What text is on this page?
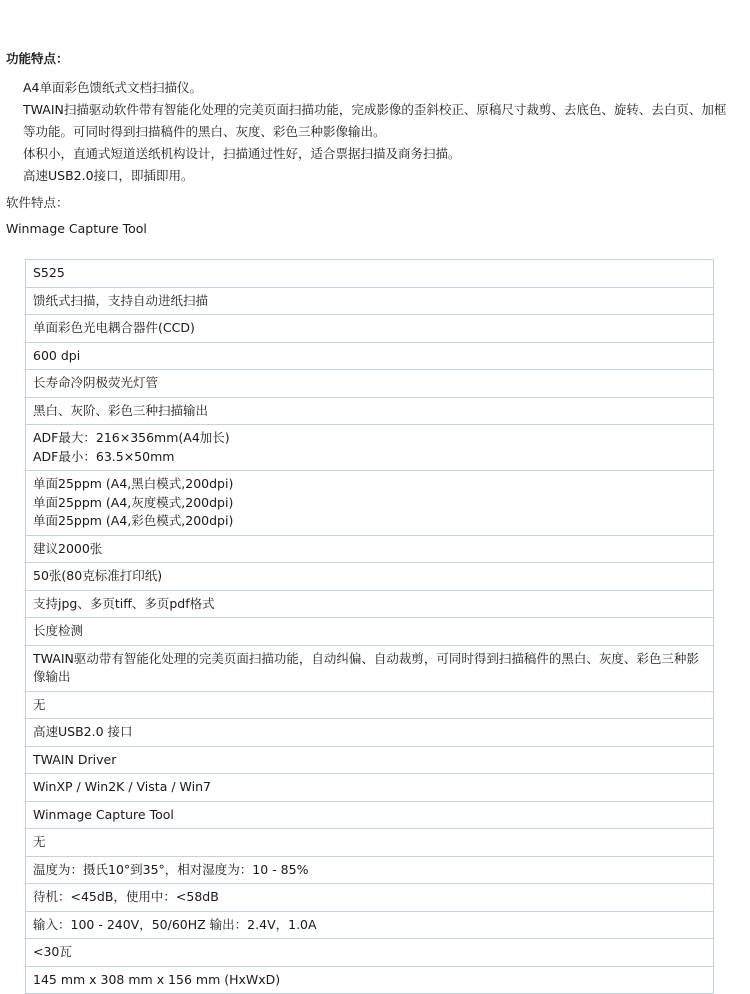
功能特点：
A4单面彩色馈纸式文档扫描仪。
TWAIN扫描驱动软件带有智能化处理的完美页面扫描功能，完成影像的歪斜校正、原稿尺寸裁剪、去底色、旋转、去白页、加框等功能。可同时得到扫描稿件的黑白、灰度、彩色三种影像输出。
体积小，直通式短道送纸机构设计，扫描通过性好，适合票据扫描及商务扫描。
高速USB2.0接口，即插即用。
软件特点：
Winmage Capture Tool
S525

馈纸式扫描，支持自动进纸扫描

单面彩色光电耦合器件(CCD)

600 dpi

长寿命冷阴极荧光灯管

黑白、灰阶、彩色三种扫描输出

ADF最大：216×356mm(A4加长)
ADF最小：63.5×50mm

单面25ppm (A4,黑白模式,200dpi)
单面25ppm (A4,灰度模式,200dpi)
单面25ppm (A4,彩色模式,200dpi)

建议2000张

50张(80克标准打印纸)

支持jpg、多页tiff、多页pdf格式

长度检测

TWAIN驱动带有智能化处理的完美页面扫描功能，自动纠偏、自动裁剪，可同时得到扫描稿件的黑白、灰度、彩色三种影像输出

无

高速USB2.0 接口

TWAIN Driver

WinXP / Win2K / Vista / Win7

Winmage Capture Tool

无

温度为：摄氏10°到35°，相对湿度为：10 - 85%

待机：<45dB，使用中：<58dB

输入：100 - 240V，50/60HZ 输出：2.4V，1.0A

<30瓦

145 mm x 308 mm x 156 mm (HxWxD)
